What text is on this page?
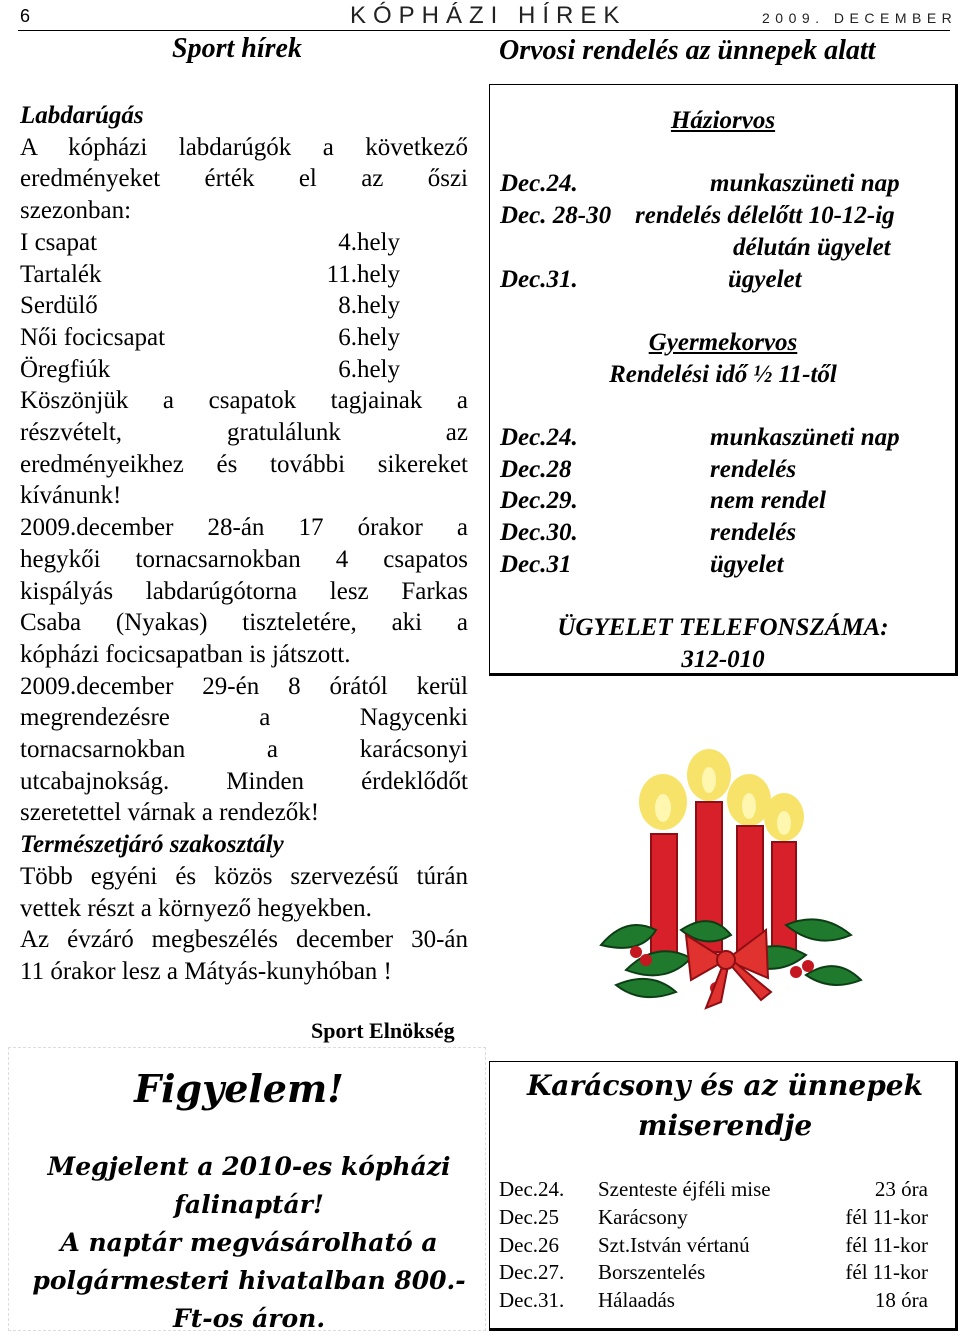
6	KÓPHÁZI HÍREK	2009. DECEMBER
Sport hírek	Orvosi rendelés az ünnepek alatt
Labdarúgás
A kópházi labdarúgók a következő
eredményeket érték el az őszi
szezonban:
I csapat	4.hely
Tartalék	11.hely
Serdülő	8.hely
Női focicsapat	6.hely
Öregfiúk	6.hely
Köszönjük a csapatok tagjainak a
részvételt, gratulálunk az
eredményeikhez és további sikereket
kívánunk!
2009.december 28-án 17 órakor a
hegykői tornacsarnokban 4 csapatos
kispályás labdarúgótorna lesz Farkas
Csaba (Nyakas) tiszteletére, aki a
kópházi focicsapatban is játszott.
2009.december 29-én 8 órától kerül
megrendezésre a Nagycenki
tornacsarnokban a karácsonyi
utcabajnokság. Minden érdeklődőt
szeretettel várnak a rendezők!
Természetjáró szakosztály
Több egyéni és közös szervezésű túrán
vettek részt a környező hegyekben.
Az évzáró megbeszélés december 30-án
11 órakor lesz a Mátyás-kunyhóban !
Sport Elnökség
Háziorvos
Dec.24.	munkaszüneti nap
Dec. 28-30 rendelés délelőtt 10-12-ig
délután ügyelet
Dec.31.	ügyelet
Gyermekorvos
Rendelési idő ½ 11-től
Dec.24.	munkaszüneti nap
Dec.28	rendelés
Dec.29.	nem rendel
Dec.30.	rendelés
Dec.31	ügyelet
ÜGYELET TELEFONSZÁMA:
312-010
Figyelem!
Megjelent a 2010-es kópházi falinaptár!
A naptár megvásárolható a polgármesteri hivatalban 800.- Ft-os áron.
Karácsony és az ünnepek miserendje
Dec.24.	Szenteste éjféli mise	23 óra
Dec.25	Karácsony	fél 11-kor
Dec.26	Szt.István vértanú	fél 11-kor
Dec.27.	Borszentelés	fél 11-kor
Dec.31.	Hálaadás	18 óra
